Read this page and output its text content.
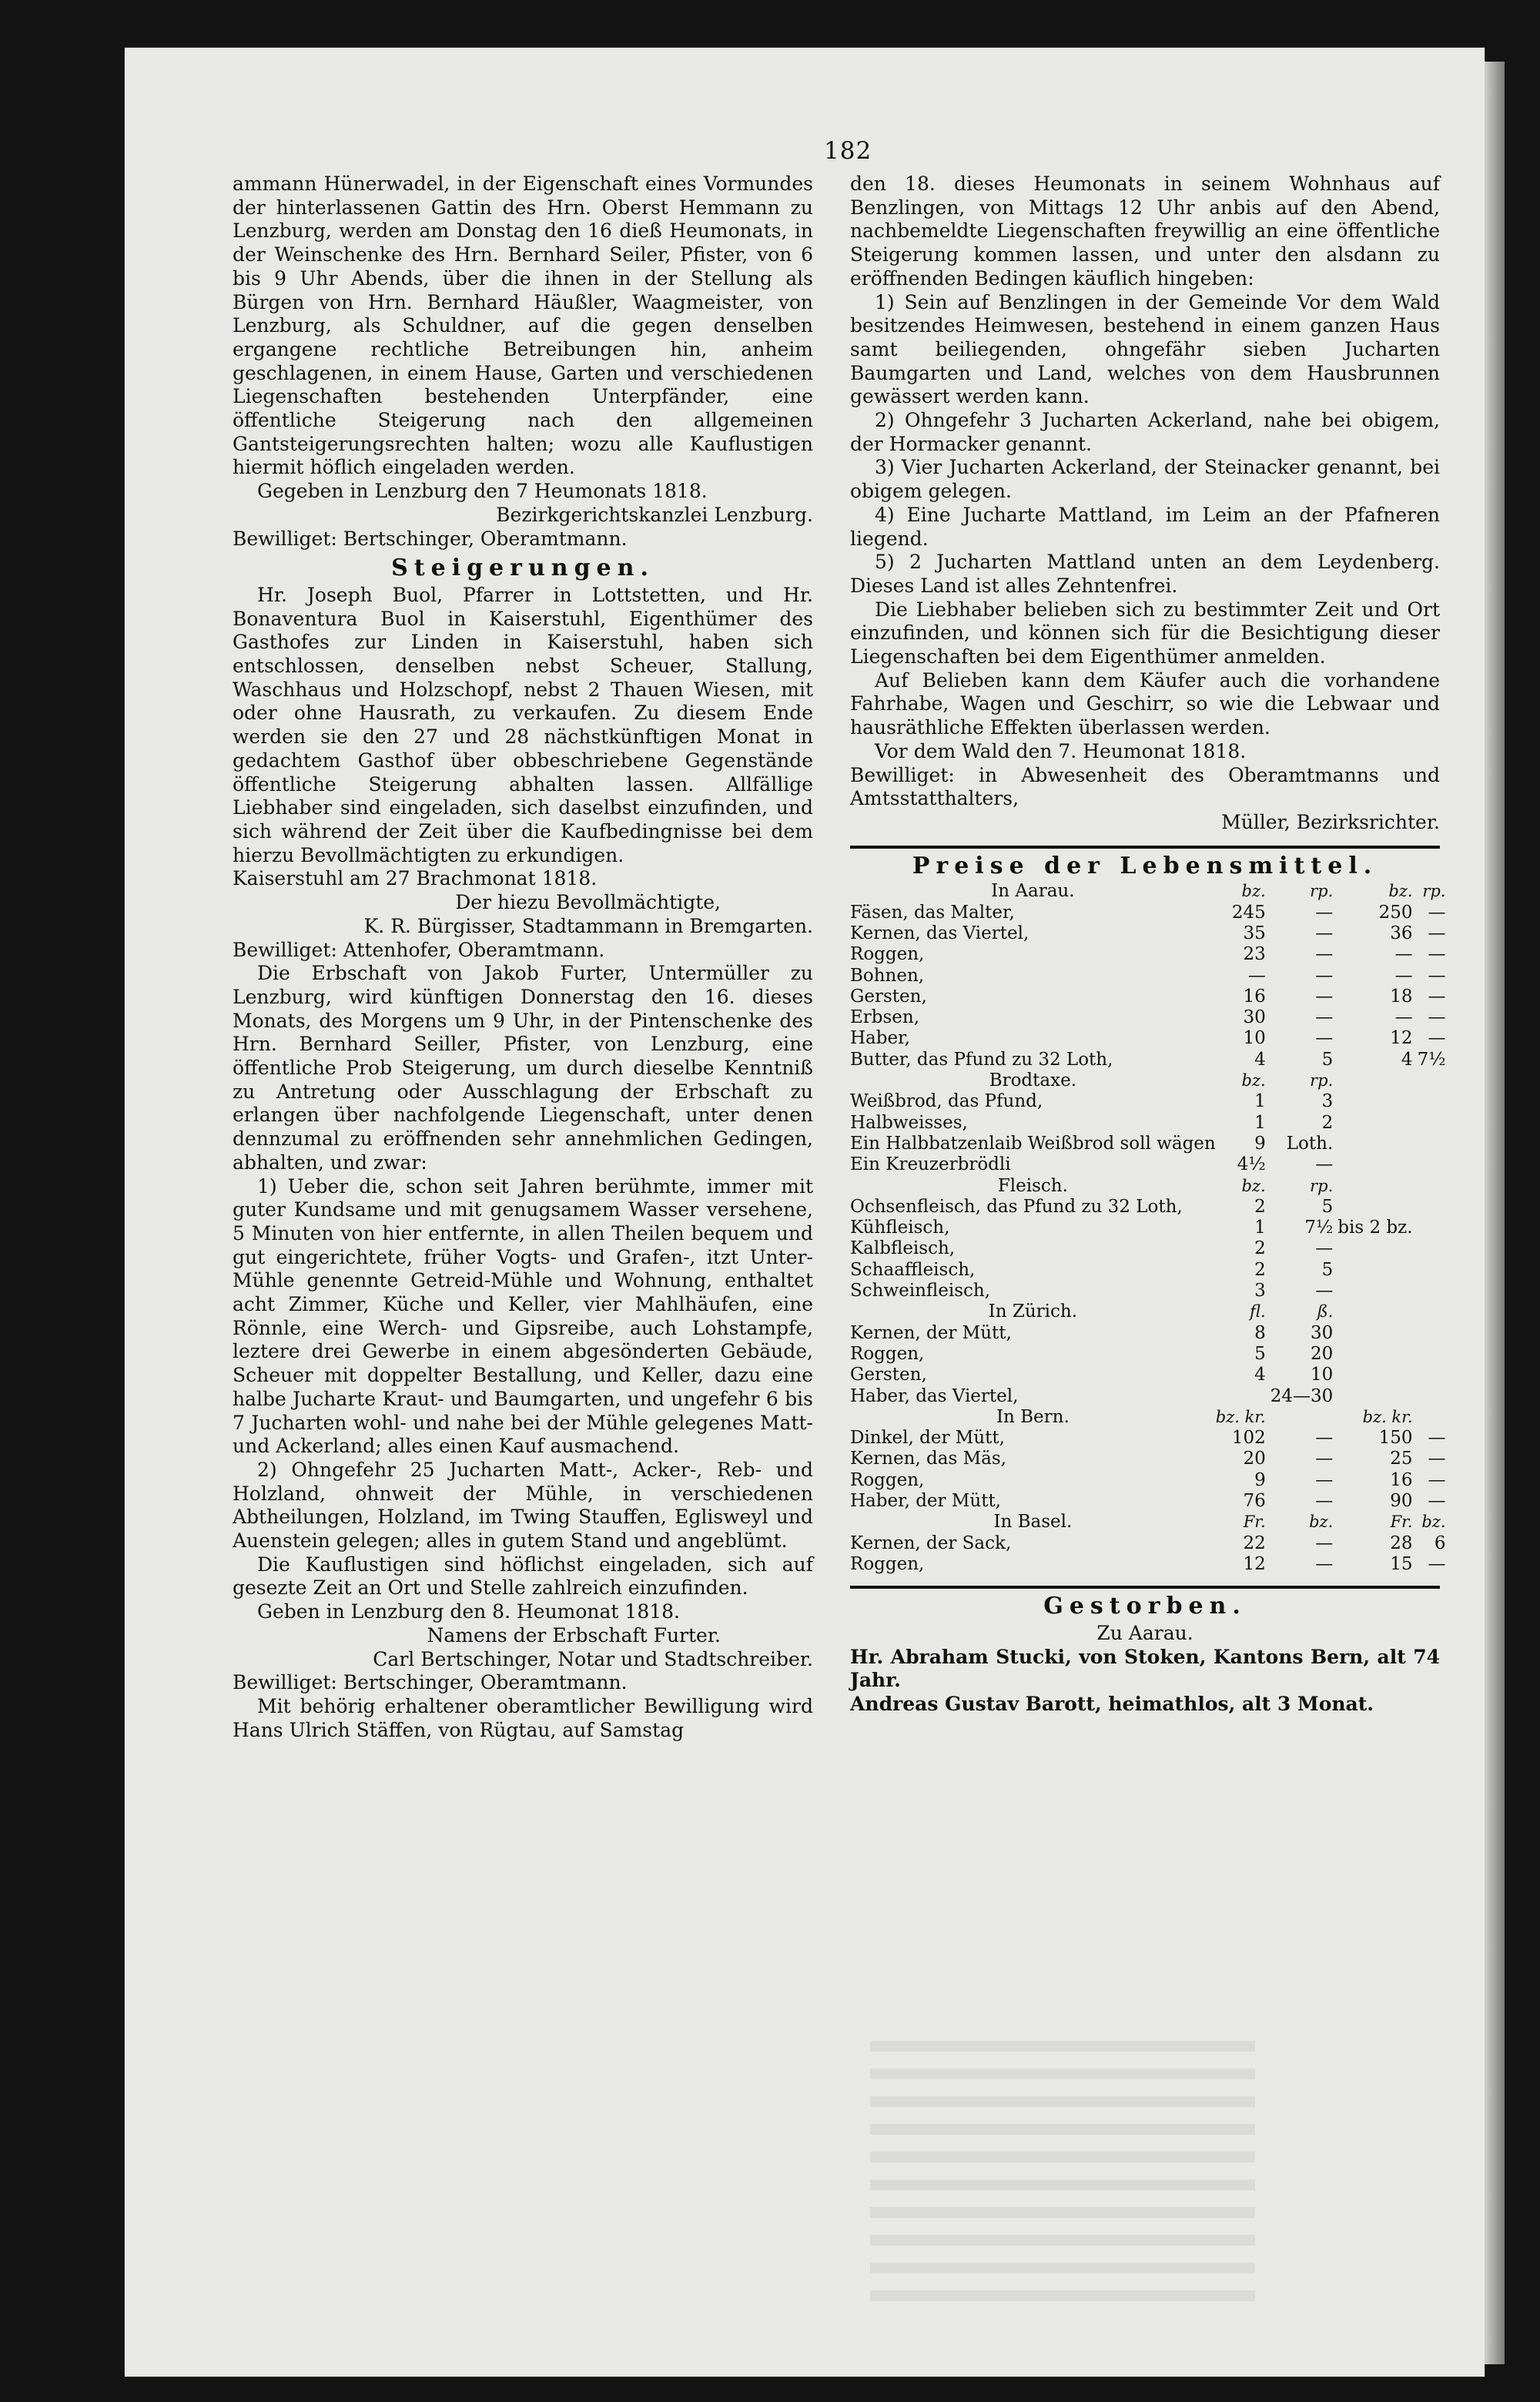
182

ammann Hünerwadel, in der Eigenschaft eines Vormundes der hinterlassenen Gattin des Hrn. Oberst Hemmann zu Lenzburg, werden am Donstag den 16 dieß Heumonats, in der Weinschenke des Hrn. Bernhard Seiler, Pfister, von 6 bis 9 Uhr Abends, über die ihnen in der Stellung als Bürgen von Hrn. Bernhard Häußler, Waagmeister, von Lenzburg, als Schuldner, auf die gegen denselben ergangene rechtliche Betreibungen hin, anheim geschlagenen, in einem Hause, Garten und verschiedenen Liegenschaften bestehenden Unterpfänder, eine öffentliche Steigerung nach den allgemeinen Gantsteigerungsrechten halten; wozu alle Kauflustigen hiermit höflich eingeladen werden.

Gegeben in Lenzburg den 7 Heumonats 1818.

Bezirkgerichtskanzlei Lenzburg.

Bewilliget: Bertschinger, Oberamtmann.

Steigerungen.

Hr. Joseph Buol, Pfarrer in Lottstetten, und Hr. Bonaventura Buol in Kaiserstuhl, Eigenthümer des Gasthofes zur Linden in Kaiserstuhl, haben sich entschlossen, denselben nebst Scheuer, Stallung, Waschhaus und Holzschopf, nebst 2 Thauen Wiesen, mit oder ohne Hausrath, zu verkaufen. Zu diesem Ende werden sie den 27 und 28 nächstkünftigen Monat in gedachtem Gasthof über obbeschriebene Gegenstände öffentliche Steigerung abhalten lassen. Allfällige Liebhaber sind eingeladen, sich daselbst einzufinden, und sich während der Zeit über die Kaufbedingnisse bei dem hierzu Bevollmächtigten zu erkundigen.

Kaiserstuhl am 27 Brachmonat 1818.

Der hiezu Bevollmächtigte,

K. R. Bürgisser, Stadtammann in Bremgarten.

Bewilliget: Attenhofer, Oberamtmann.

Die Erbschaft von Jakob Furter, Untermüller zu Lenzburg, wird künftigen Donnerstag den 16. dieses Monats, des Morgens um 9 Uhr, in der Pintenschenke des Hrn. Bernhard Seiller, Pfister, von Lenzburg, eine öffentliche Prob Steigerung, um durch dieselbe Kenntniß zu Antretung oder Ausschlagung der Erbschaft zu erlangen über nachfolgende Liegenschaft, unter denen dennzumal zu eröffnenden sehr annehmlichen Gedingen, abhalten, und zwar:

1) Ueber die, schon seit Jahren berühmte, immer mit guter Kundsame und mit genugsamem Wasser versehene, 5 Minuten von hier entfernte, in allen Theilen bequem und gut eingerichtete, früher Vogts- und Grafen-, itzt Unter-Mühle genennte Getreid-Mühle und Wohnung, enthaltet acht Zimmer, Küche und Keller, vier Mahlhäufen, eine Rönnle, eine Werch- und Gipsreibe, auch Lohstampfe, leztere drei Gewerbe in einem abgesönderten Gebäude, Scheuer mit doppelter Bestallung, und Keller, dazu eine halbe Jucharte Kraut- und Baumgarten, und ungefehr 6 bis 7 Jucharten wohl- und nahe bei der Mühle gelegenes Matt- und Ackerland; alles einen Kauf ausmachend.

2) Ohngefehr 25 Jucharten Matt-, Acker-, Reb- und Holzland, ohnweit der Mühle, in verschiedenen Abtheilungen, Holzland, im Twing Stauffen, Eglisweyl und Auenstein gelegen; alles in gutem Stand und angeblümt.

Die Kauflustigen sind höflichst eingeladen, sich auf gesezte Zeit an Ort und Stelle zahlreich einzufinden.

Geben in Lenzburg den 8. Heumonat 1818.

Namens der Erbschaft Furter.

Carl Bertschinger, Notar und Stadtschreiber.

Bewilliget: Bertschinger, Oberamtmann.

Mit behörig erhaltener oberamtlicher Bewilligung wird Hans Ulrich Stäffen, von Rügtau, auf Samstag

den 18. dieses Heumonats in seinem Wohnhaus auf Benzlingen, von Mittags 12 Uhr anbis auf den Abend, nachbemeldte Liegenschaften freywillig an eine öffentliche Steigerung kommen lassen, und unter den alsdann zu eröffnenden Bedingen käuflich hingeben:

1) Sein auf Benzlingen in der Gemeinde Vor dem Wald besitzendes Heimwesen, bestehend in einem ganzen Haus samt beiliegenden, ohngefähr sieben Jucharten Baumgarten und Land, welches von dem Hausbrunnen gewässert werden kann.

2) Ohngefehr 3 Jucharten Ackerland, nahe bei obigem, der Hormacker genannt.

3) Vier Jucharten Ackerland, der Steinacker genannt, bei obigem gelegen.

4) Eine Jucharte Mattland, im Leim an der Pfafneren liegend.

5) 2 Jucharten Mattland unten an dem Leydenberg. Dieses Land ist alles Zehntenfrei.

Die Liebhaber belieben sich zu bestimmter Zeit und Ort einzufinden, und können sich für die Besichtigung dieser Liegenschaften bei dem Eigenthümer anmelden.

Auf Belieben kann dem Käufer auch die vorhandene Fahrhabe, Wagen und Geschirr, so wie die Lebwaar und hausräthliche Effekten überlassen werden.

Vor dem Wald den 7. Heumonat 1818.

Bewilliget: in Abwesenheit des Oberamtmanns und Amtsstatthalters,

Müller, Bezirksrichter.

Preise der Lebensmittel.

In Aarau.	bz.	rp.	bz.	rp.
Fäsen, das Malter,	245	—	250	—
Kernen, das Viertel,	35	—	36	—
Roggen,	23	—	—	—
Bohnen,	—	—	—	—
Gersten,	16	—	18	—
Erbsen,	30	—	—	—
Haber,	10	—	12	—
Butter, das Pfund zu 32 Loth,	4	5	4	7½
Brodtaxe.	bz.	rp.		
Weißbrod, das Pfund,	1	3		
Halbweisses,	1	2		
Ein Halbbatzenlaib Weißbrod soll wägen	9	Loth.		
Ein Kreuzerbrödli	4½	—		
Fleisch.	bz.	rp.		
Ochsenfleisch, das Pfund zu 32 Loth,	2	5		
Kühfleisch,	1	7½	bis 2 bz.	
Kalbfleisch,	2	—		
Schaaffleisch,	2	5		
Schweinfleisch,	3	—		
In Zürich.	fl.	ß.		
Kernen, der Mütt,	8	30		
Roggen,	5	20		
Gersten,	4	10		
Haber, das Viertel,		24—30		
In Bern.	bz. kr.		bz. kr.	
Dinkel, der Mütt,	102	—	150	—
Kernen, das Mäs,	20	—	25	—
Roggen,	9	—	16	—
Haber, der Mütt,	76	—	90	—
In Basel.	Fr.	bz.	Fr.	bz.
Kernen, der Sack,	22	—	28	6
Roggen,	12	—	15	—

Gestorben.

Zu Aarau.

Hr. Abraham Stucki, von Stoken, Kantons Bern, alt 74 Jahr.

Andreas Gustav Barott, heimathlos, alt 3 Monat.
